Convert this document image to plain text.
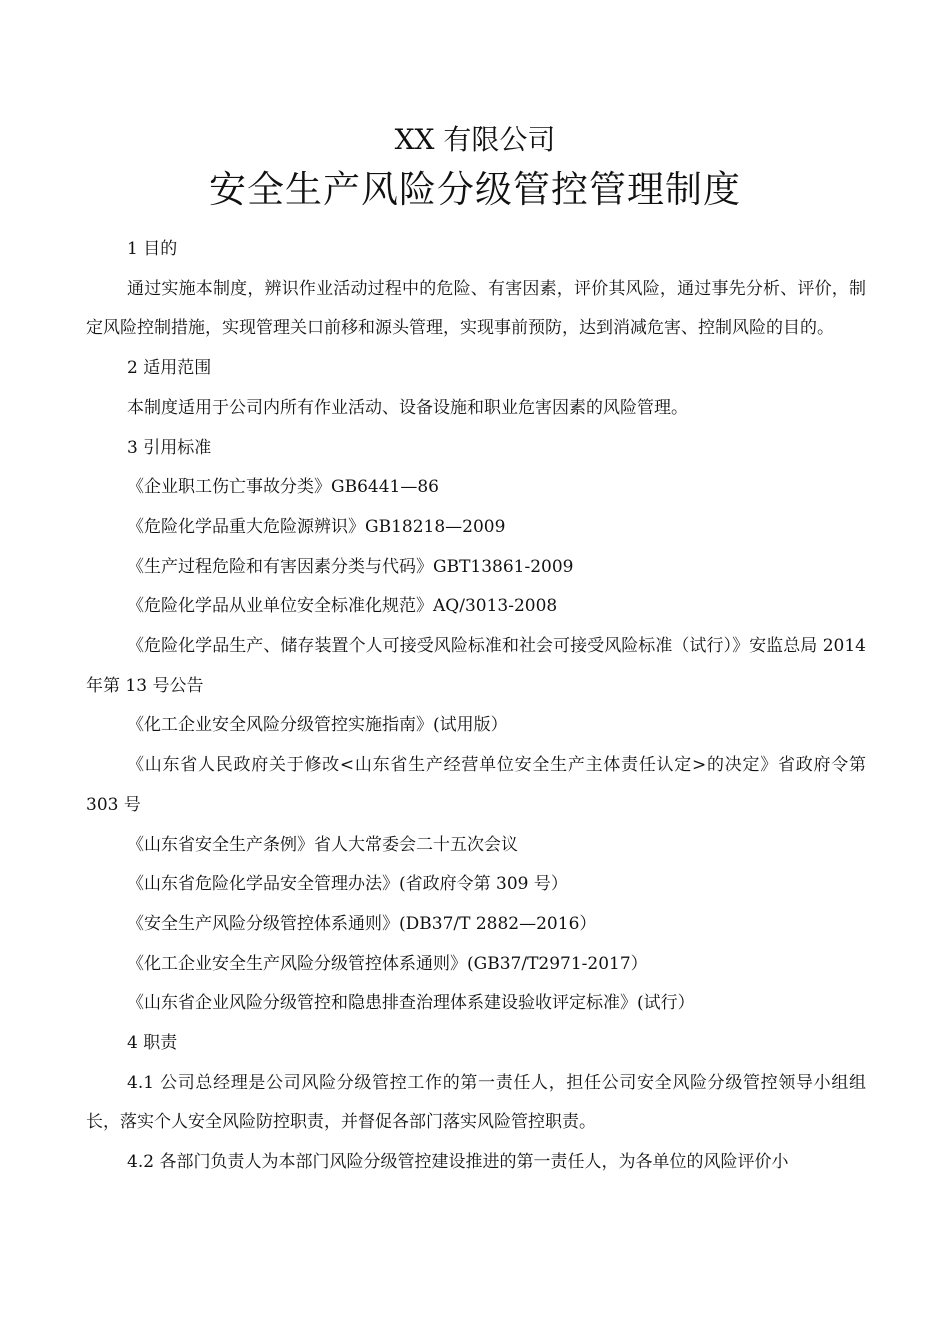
XX 有限公司
安全生产风险分级管控管理制度

1 目的

通过实施本制度，辨识作业活动过程中的危险、有害因素，评价其风险，通过事先分析、评价，制定风险控制措施，实现管理关口前移和源头管理，实现事前预防，达到消减危害、控制风险的目的。

2 适用范围

本制度适用于公司内所有作业活动、设备设施和职业危害因素的风险管理。

3 引用标准

《企业职工伤亡事故分类》GB6441—86

《危险化学品重大危险源辨识》GB18218—2009

《生产过程危险和有害因素分类与代码》GBT13861-2009

《危险化学品从业单位安全标准化规范》AQ/3013-2008

《危险化学品生产、储存装置个人可接受风险标准和社会可接受风险标准（试行）》安监总局 2014 年第 13 号公告

《化工企业安全风险分级管控实施指南》(试用版）

《山东省人民政府关于修改<山东省生产经营单位安全生产主体责任认定>的决定》省政府令第 303 号

《山东省安全生产条例》省人大常委会二十五次会议

《山东省危险化学品安全管理办法》(省政府令第 309 号）

《安全生产风险分级管控体系通则》(DB37/T 2882—2016）

《化工企业安全生产风险分级管控体系通则》(GB37/T2971-2017）

《山东省企业风险分级管控和隐患排查治理体系建设验收评定标准》(试行）

4 职责

4.1 公司总经理是公司风险分级管控工作的第一责任人，担任公司安全风险分级管控领导小组组长，落实个人安全风险防控职责，并督促各部门落实风险管控职责。

4.2 各部门负责人为本部门风险分级管控建设推进的第一责任人，为各单位的风险评价小
